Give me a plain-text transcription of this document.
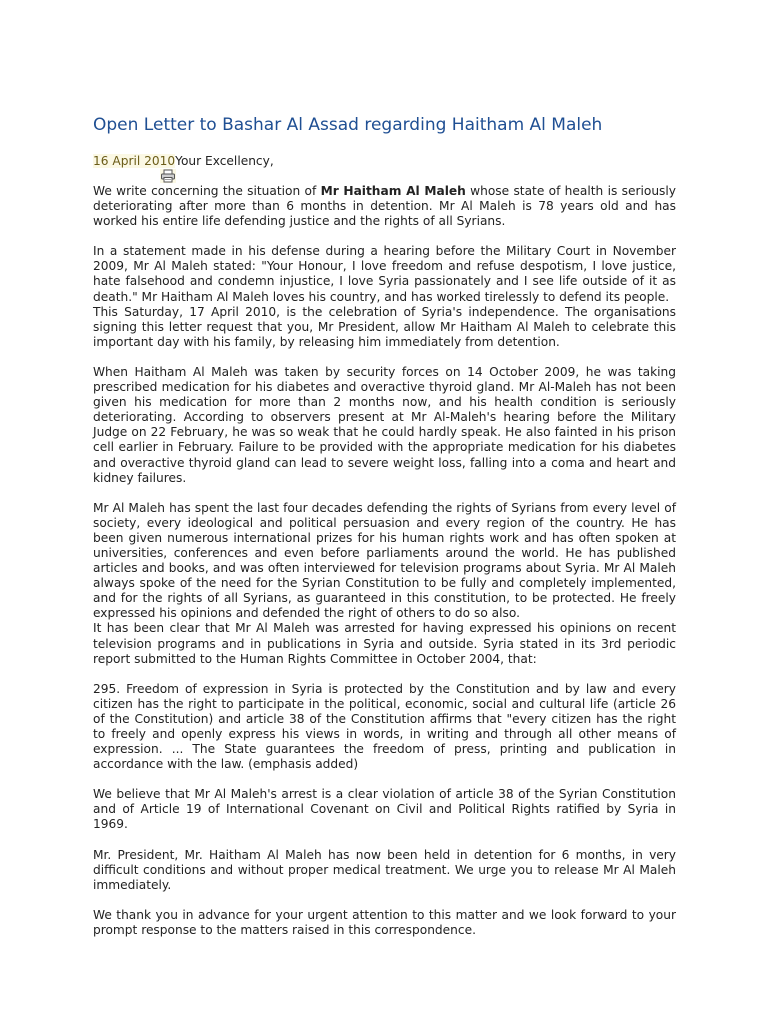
Open Letter to Bashar Al Assad regarding Haitham Al Maleh
16 April 2010Your Excellency,

We write concerning the situation of Mr Haitham Al Maleh whose state of health is seriously deteriorating after more than 6 months in detention. Mr Al Maleh is 78 years old and has worked his entire life defending justice and the rights of all Syrians.

In a statement made in his defense during a hearing before the Military Court in November 2009, Mr Al Maleh stated: "Your Honour, I love freedom and refuse despotism, I love justice, hate falsehood and condemn injustice, I love Syria passionately and I see life outside of it as death." Mr Haitham Al Maleh loves his country, and has worked tirelessly to defend its people.

This Saturday, 17 April 2010, is the celebration of Syria's independence. The organisations signing this letter request that you, Mr President, allow Mr Haitham Al Maleh to celebrate this important day with his family, by releasing him immediately from detention.

When Haitham Al Maleh was taken by security forces on 14 October 2009, he was taking prescribed medication for his diabetes and overactive thyroid gland. Mr Al-Maleh has not been given his medication for more than 2 months now, and his health condition is seriously deteriorating. According to observers present at Mr Al-Maleh's hearing before the Military Judge on 22 February, he was so weak that he could hardly speak. He also fainted in his prison cell earlier in February. Failure to be provided with the appropriate medication for his diabetes and overactive thyroid gland can lead to severe weight loss, falling into a coma and heart and kidney failures.

Mr Al Maleh has spent the last four decades defending the rights of Syrians from every level of society, every ideological and political persuasion and every region of the country. He has been given numerous international prizes for his human rights work and has often spoken at universities, conferences and even before parliaments around the world. He has published articles and books, and was often interviewed for television programs about Syria. Mr Al Maleh always spoke of the need for the Syrian Constitution to be fully and completely implemented, and for the rights of all Syrians, as guaranteed in this constitution, to be protected. He freely expressed his opinions and defended the right of others to do so also.

It has been clear that Mr Al Maleh was arrested for having expressed his opinions on recent television programs and in publications in Syria and outside. Syria stated in its 3rd periodic report submitted to the Human Rights Committee in October 2004, that:

295. Freedom of expression in Syria is protected by the Constitution and by law and every citizen has the right to participate in the political, economic, social and cultural life (article 26 of the Constitution) and article 38 of the Constitution affirms that "every citizen has the right to freely and openly express his views in words, in writing and through all other means of expression. ... The State guarantees the freedom of press, printing and publication in accordance with the law. (emphasis added)

We believe that Mr Al Maleh's arrest is a clear violation of article 38 of the Syrian Constitution and of Article 19 of International Covenant on Civil and Political Rights ratified by Syria in 1969.

Mr. President, Mr. Haitham Al Maleh has now been held in detention for 6 months, in very difficult conditions and without proper medical treatment. We urge you to release Mr Al Maleh immediately.

We thank you in advance for your urgent attention to this matter and we look forward to your prompt response to the matters raised in this correspondence.
